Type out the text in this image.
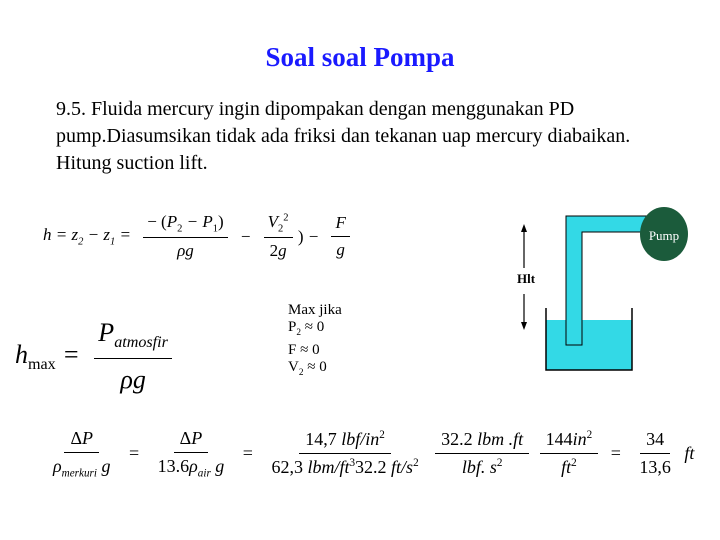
Soal soal Pompa
9.5. Fluida mercury ingin dipompakan dengan menggunakan PD pump.Diasumsikan tidak ada friksi dan tekanan uap mercury diabaikan. Hitung suction lift.
$h = z_2 - z_1 = \frac{- (P_2 - P_1)}{\rho g} - \frac{V_2^2}{2g}$ ) − $\frac{F}{g}$
$h_{max} = \frac{P_{atmosfir}}{\rho g}$
Max jika
$P_2 \approx 0$
F ≈ 0
$V_2 \approx 0$
$\frac{\Delta P}{\rho_{merkuri} g} = \frac{\Delta P}{13.6\rho_{air} g} = \frac{14,7 lbf/in^2}{62,3 lbm/ft^332.2 ft/s^2}$
$\frac{\text{32.2 lbm .ft}}{lbf. s^2}$
$\frac{144in^2}{ft^2} = \frac{34}{13,6}$ ft
Pump
Hlt
